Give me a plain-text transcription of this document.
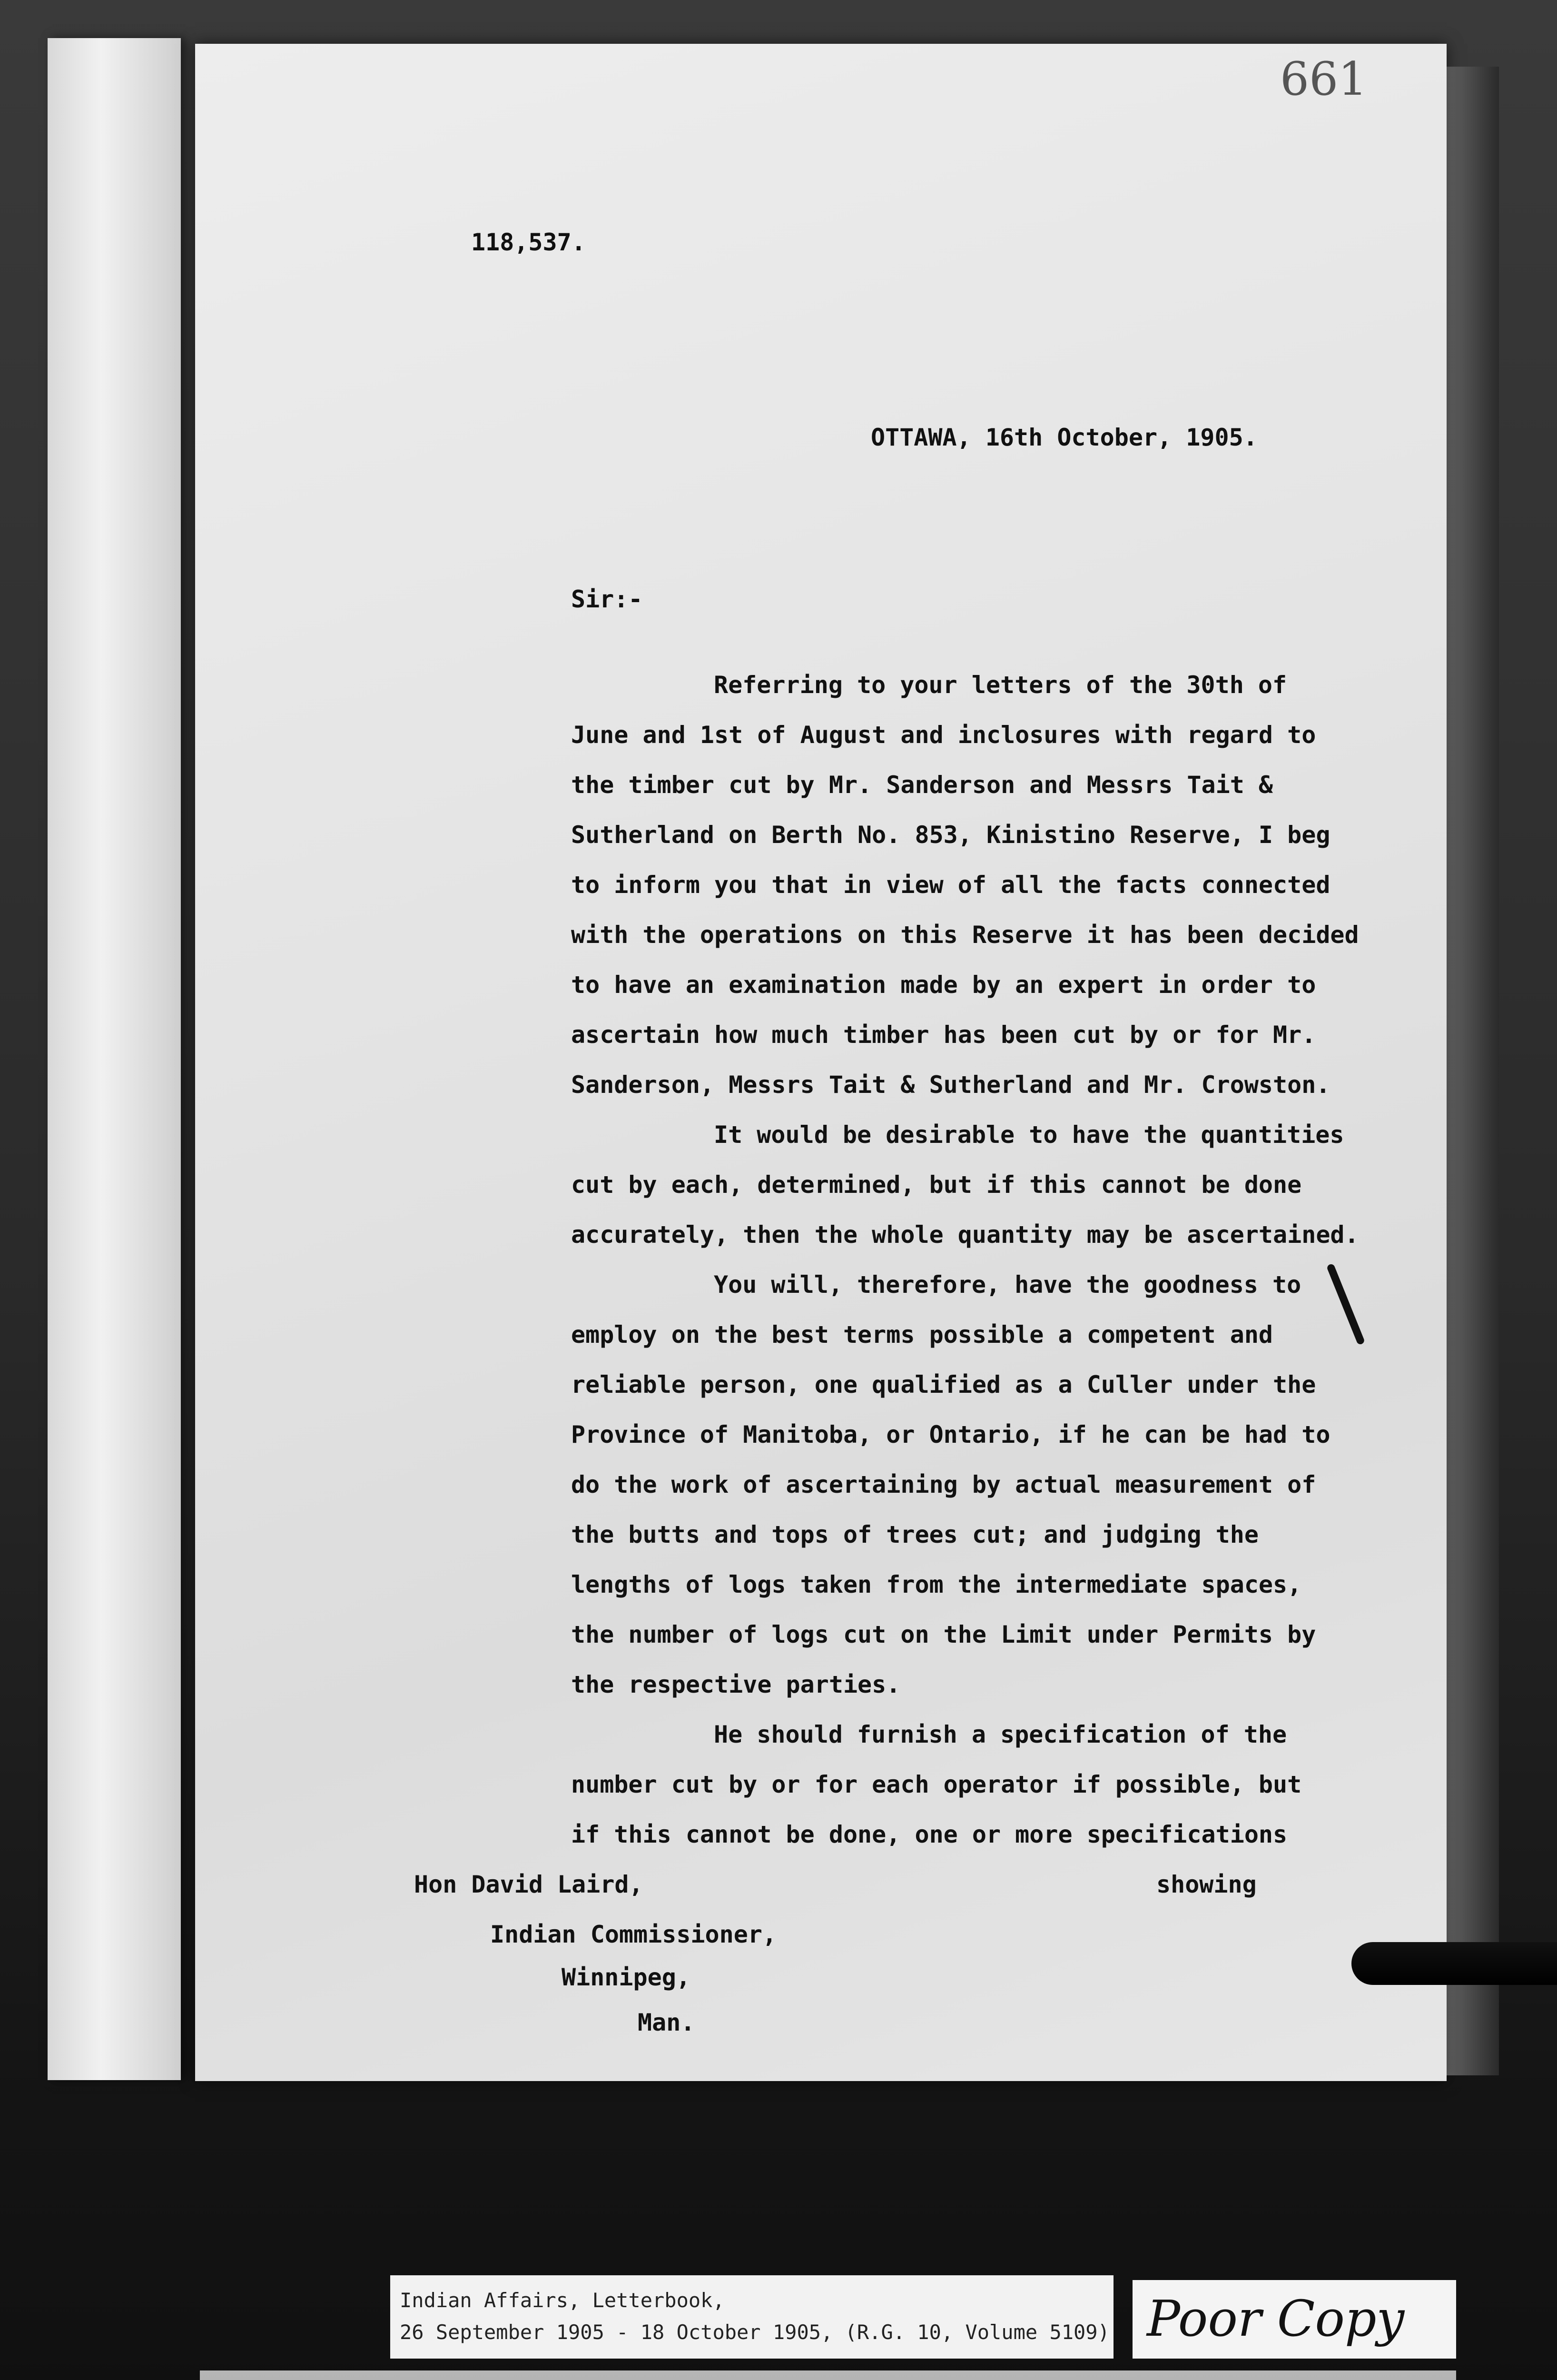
661
118,537.
OTTAWA, 16th October, 1905.
Sir:-
Referring to your letters of the 30th of
June and 1st of August and inclosures with regard to
the timber cut by Mr. Sanderson and Messrs Tait &
Sutherland on Berth No. 853, Kinistino Reserve, I beg
to inform you that in view of all the facts connected
with the operations on this Reserve it has been decided
to have an examination made by an expert in order to
ascertain how much timber has been cut by or for Mr.
Sanderson, Messrs Tait & Sutherland and Mr. Crowston.
It would be desirable to have the quantities
cut by each, determined, but if this cannot be done
accurately, then the whole quantity may be ascertained.
You will, therefore, have the goodness to
employ on the best terms possible a competent and
reliable person, one qualified as a Culler under the
Province of Manitoba, or Ontario, if he can be had to
do the work of ascertaining by actual measurement of
the butts and tops of trees cut; and judging the
lengths of logs taken from the intermediate spaces,
the number of logs cut on the Limit under Permits by
the respective parties.
He should furnish a specification of the
number cut by or for each operator if possible, but
if this cannot be done, one or more specifications
showing
Hon David Laird,
Indian Commissioner,
Winnipeg,
Man.
Indian Affairs, Letterbook,
26 September 1905 - 18 October 1905, (R.G. 10, Volume 5109) Poor Copy
